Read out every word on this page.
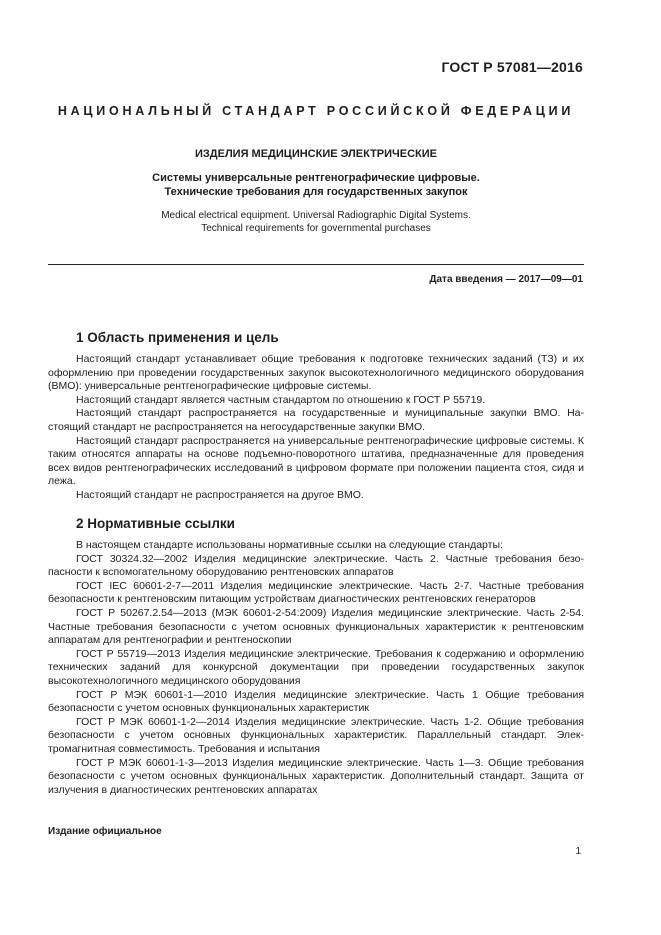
ГОСТ Р 57081—2016
НАЦИОНАЛЬНЫЙ СТАНДАРТ РОССИЙСКОЙ ФЕДЕРАЦИИ
ИЗДЕЛИЯ МЕДИЦИНСКИЕ ЭЛЕКТРИЧЕСКИЕ
Системы универсальные рентгенографические цифровые.
Технические требования для государственных закупок
Medical electrical equipment. Universal Radiographic Digital Systems.
Technical requirements for governmental purchases
Дата введения — 2017—09—01
1 Область применения и цель

Настоящий стандарт устанавливает общие требования к подготовке технических заданий (ТЗ) и их оформлению при проведении государственных закупок высокотехнологичного медицинского оборудования (ВМО): универсальные рентгенографические цифровые системы.

Настоящий стандарт является частным стандартом по отношению к ГОСТ Р 55719.

Настоящий стандарт распространяется на государственные и муниципальные закупки ВМО. Настоящий стандарт не распространяется на негосударственные закупки ВМО.

Настоящий стандарт распространяется на универсальные рентгенографические цифровые системы. К таким относятся аппараты на основе подъемно-поворотного штатива, предназначенные для проведения всех видов рентгенографических исследований в цифровом формате при положении пациента стоя, сидя и лежа.

Настоящий стандарт не распространяется на другое ВМО.

2 Нормативные ссылки

В настоящем стандарте использованы нормативные ссылки на следующие стандарты:

ГОСТ 30324.32—2002 Изделия медицинские электрические. Часть 2. Частные требования безопасности к вспомогательному оборудованию рентгеновских аппаратов

ГОСТ IEC 60601-2-7—2011 Изделия медицинские электрические. Часть 2-7. Частные требования безопасности к рентгеновским питающим устройствам диагностических рентгеновских генераторов

ГОСТ Р 50267.2.54—2013 (МЭК 60601-2-54:2009) Изделия медицинские электрические. Часть 2-54. Частные требования безопасности с учетом основных функциональных характеристик к рентгеновским аппаратам для рентгенографии и рентгеноскопии

ГОСТ Р 55719—2013 Изделия медицинские электрические. Требования к содержанию и оформлению технических заданий для конкурсной документации при проведении государственных закупок высокотехнологичного медицинского оборудования

ГОСТ Р МЭК 60601-1—2010 Изделия медицинские электрические. Часть 1 Общие требования безопасности с учетом основных функциональных характеристик

ГОСТ Р МЭК 60601-1-2—2014 Изделия медицинские электрические. Часть 1-2. Общие требования безопасности с учетом основных функциональных характеристик. Параллельный стандарт. Электромагнитная совместимость. Требования и испытания

ГОСТ Р МЭК 60601-1-3—2013 Изделия медицинские электрические. Часть 1—3. Общие требования безопасности с учетом основных функциональных характеристик. Дополнительный стандарт. Защита от излучения в диагностических рентгеновских аппаратах

Издание официальное
1
